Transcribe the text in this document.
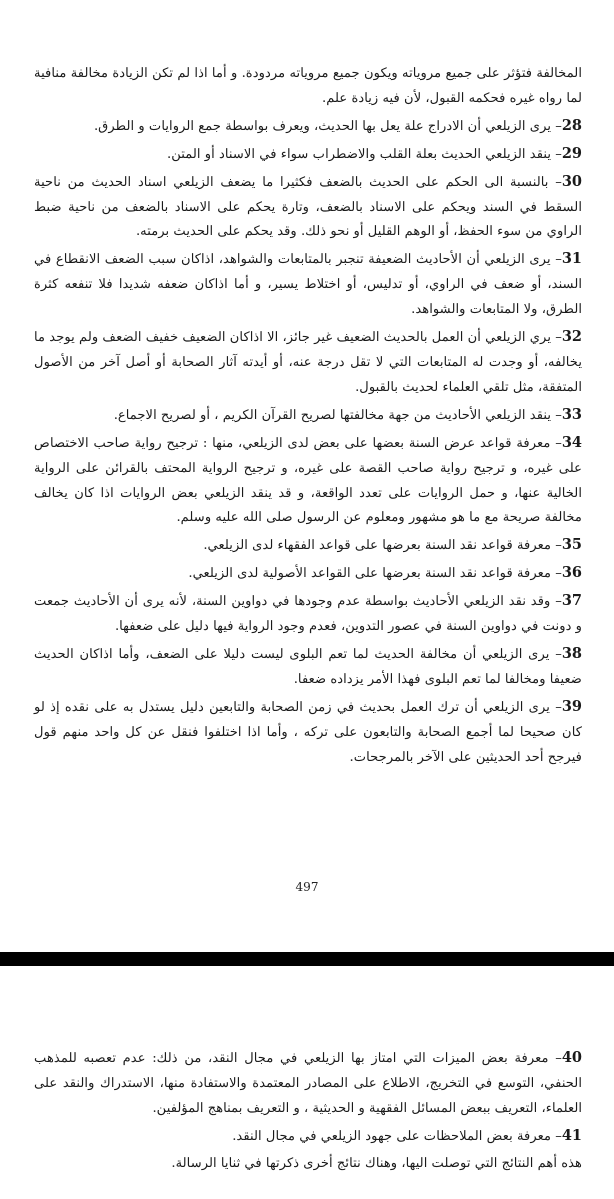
المخالفة فتؤثر على جميع مروياته ويكون جميع مروياته مردودة. و أما اذا لم تكن الزيادة مخالفة منافية لما رواه غيره فحكمه القبول، لأن فيه زيادة علم.

28– يرى الزيلعي أن الادراج علة يعل بها الحديث، ويعرف بواسطة جمع الروايات و الطرق.

29– ينقد الزيلعي الحديث بعلة القلب والاضطراب سواء في الاسناد أو المتن.

30– بالنسبة الى الحكم على الحديث بالضعف فكثيرا ما يضعف الزيلعي اسناد الحديث من ناحية السقط في السند ويحكم على الاسناد بالضعف، وتارة يحكم على الاسناد بالضعف من ناحية ضبط الراوي من سوء الحفظ، أو الوهم القليل أو نحو ذلك. وقد يحكم على الحديث برمته.

31– يرى الزيلعي أن الأحاديث الضعيفة تنجبر بالمتابعات والشواهد، اذاكان سبب الضعف الانقطاع في السند، أو ضعف في الراوي، أو تدليس، أو اختلاط يسير، و أما اذاكان ضعفه شديدا فلا تنفعه كثرة الطرق، ولا المتابعات والشواهد.

32– يري الزيلعي أن العمل بالحديث الضعيف غير جائز، الا اذاكان الضعيف خفيف الضعف ولم يوجد ما يخالفه، أو وجدت له المتابعات التي لا تقل درجة عنه، أو أيدته آثار الصحابة أو أصل آخر من الأصول المتفقة، مثل تلقي العلماء لحديث بالقبول.

33– ينقد الزيلعي الأحاديث من جهة مخالفتها لصريح القرآن الكريم ، أو لصريح الاجماع.

34– معرفة قواعد عرض السنة بعضها على بعض لدى الزيلعي، منها : ترجيح رواية صاحب الاختصاص على غيره، و ترجيح رواية صاحب القصة على غيره، و ترجيح الرواية المحتف بالقرائن على الرواية الخالية عنها، و حمل الروايات على تعدد الواقعة، و قد ينقد الزيلعي بعض الروايات اذا كان يخالف مخالفة صريحة مع ما هو مشهور ومعلوم عن الرسول صلى الله عليه وسلم.

35– معرفة قواعد نقد السنة بعرضها على قواعد الفقهاء لدى الزيلعي.

36– معرفة قواعد نقد السنة بعرضها على القواعد الأصولية لدى الزيلعي.

37– وقد نقد الزيلعي الأحاديث بواسطة عدم وجودها في دواوين السنة، لأنه يرى أن الأحاديث جمعت و دونت في دواوين السنة في عصور التدوين، فعدم وجود الرواية فيها دليل على ضعفها.

38– يرى الزيلعي أن مخالفة الحديث لما تعم البلوى ليست دليلا على الضعف، وأما اذاكان الحديث ضعيفا ومخالفا لما تعم البلوى فهذا الأمر يزداده ضعفا.

39– يرى الزيلعي أن ترك العمل بحديث في زمن الصحابة والتابعين دليل يستدل به على نقده إذ لو كان صحيحا لما أجمع الصحابة والتابعون على تركه ، وأما اذا اختلفوا فنقل عن كل واحد منهم قول فيرجح أحد الحديثين على الآخر بالمرجحات.

497

40– معرفة بعض الميزات التي امتاز بها الزيلعي في مجال النقد، من ذلك: عدم تعصبه للمذهب الحنفي، التوسع في التخريج، الاطلاع على المصادر المعتمدة والاستفادة منها، الاستدراك والنقد على العلماء، التعريف ببعض المسائل الفقهية و الحديثية ، و التعريف بمناهج المؤلفين.

41– معرفة بعض الملاحظات على جهود الزيلعي في مجال النقد.

هذه أهم النتائج التي توصلت اليها، وهناك نتائج أخرى ذكرتها في ثنايا الرسالة.
